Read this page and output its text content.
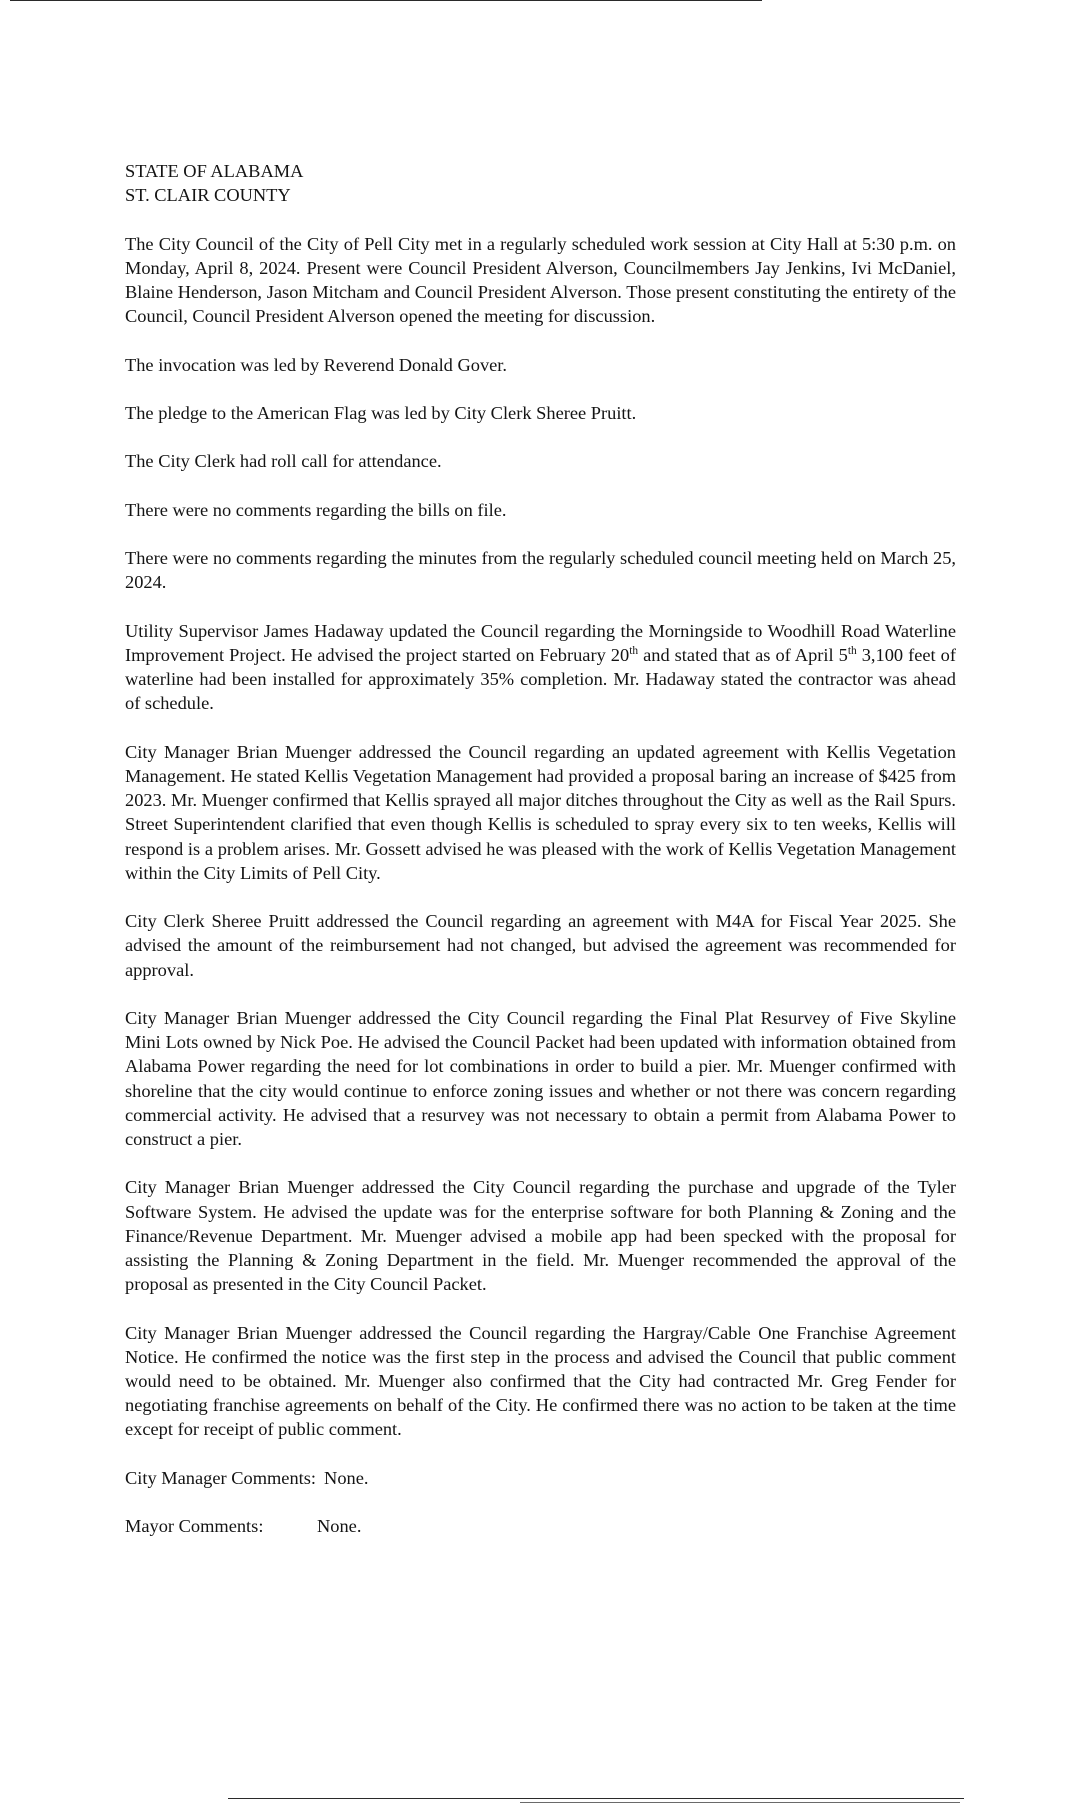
STATE OF ALABAMA
ST. CLAIR COUNTY

The City Council of the City of Pell City met in a regularly scheduled work session at City Hall at 5:30 p.m. on Monday, April 8, 2024. Present were Council President Alverson, Councilmembers Jay Jenkins, Ivi McDaniel, Blaine Henderson, Jason Mitcham and Council President Alverson. Those present constituting the entirety of the Council, Council President Alverson opened the meeting for discussion.

The invocation was led by Reverend Donald Gover.

The pledge to the American Flag was led by City Clerk Sheree Pruitt.

The City Clerk had roll call for attendance.

There were no comments regarding the bills on file.

There were no comments regarding the minutes from the regularly scheduled council meeting held on March 25, 2024.

Utility Supervisor James Hadaway updated the Council regarding the Morningside to Woodhill Road Waterline Improvement Project. He advised the project started on February 20th and stated that as of April 5th 3,100 feet of waterline had been installed for approximately 35% completion. Mr. Hadaway stated the contractor was ahead of schedule.

City Manager Brian Muenger addressed the Council regarding an updated agreement with Kellis Vegetation Management. He stated Kellis Vegetation Management had provided a proposal baring an increase of $425 from 2023. Mr. Muenger confirmed that Kellis sprayed all major ditches throughout the City as well as the Rail Spurs. Street Superintendent clarified that even though Kellis is scheduled to spray every six to ten weeks, Kellis will respond is a problem arises. Mr. Gossett advised he was pleased with the work of Kellis Vegetation Management within the City Limits of Pell City.

City Clerk Sheree Pruitt addressed the Council regarding an agreement with M4A for Fiscal Year 2025. She advised the amount of the reimbursement had not changed, but advised the agreement was recommended for approval.

City Manager Brian Muenger addressed the City Council regarding the Final Plat Resurvey of Five Skyline Mini Lots owned by Nick Poe. He advised the Council Packet had been updated with information obtained from Alabama Power regarding the need for lot combinations in order to build a pier. Mr. Muenger confirmed with shoreline that the city would continue to enforce zoning issues and whether or not there was concern regarding commercial activity. He advised that a resurvey was not necessary to obtain a permit from Alabama Power to construct a pier.

City Manager Brian Muenger addressed the City Council regarding the purchase and upgrade of the Tyler Software System. He advised the update was for the enterprise software for both Planning & Zoning and the Finance/Revenue Department. Mr. Muenger advised a mobile app had been specked with the proposal for assisting the Planning & Zoning Department in the field. Mr. Muenger recommended the approval of the proposal as presented in the City Council Packet.

City Manager Brian Muenger addressed the Council regarding the Hargray/Cable One Franchise Agreement Notice. He confirmed the notice was the first step in the process and advised the Council that public comment would need to be obtained. Mr. Muenger also confirmed that the City had contracted Mr. Greg Fender for negotiating franchise agreements on behalf of the City. He confirmed there was no action to be taken at the time except for receipt of public comment.

City Manager Comments: None.
Mayor Comments:	None.
